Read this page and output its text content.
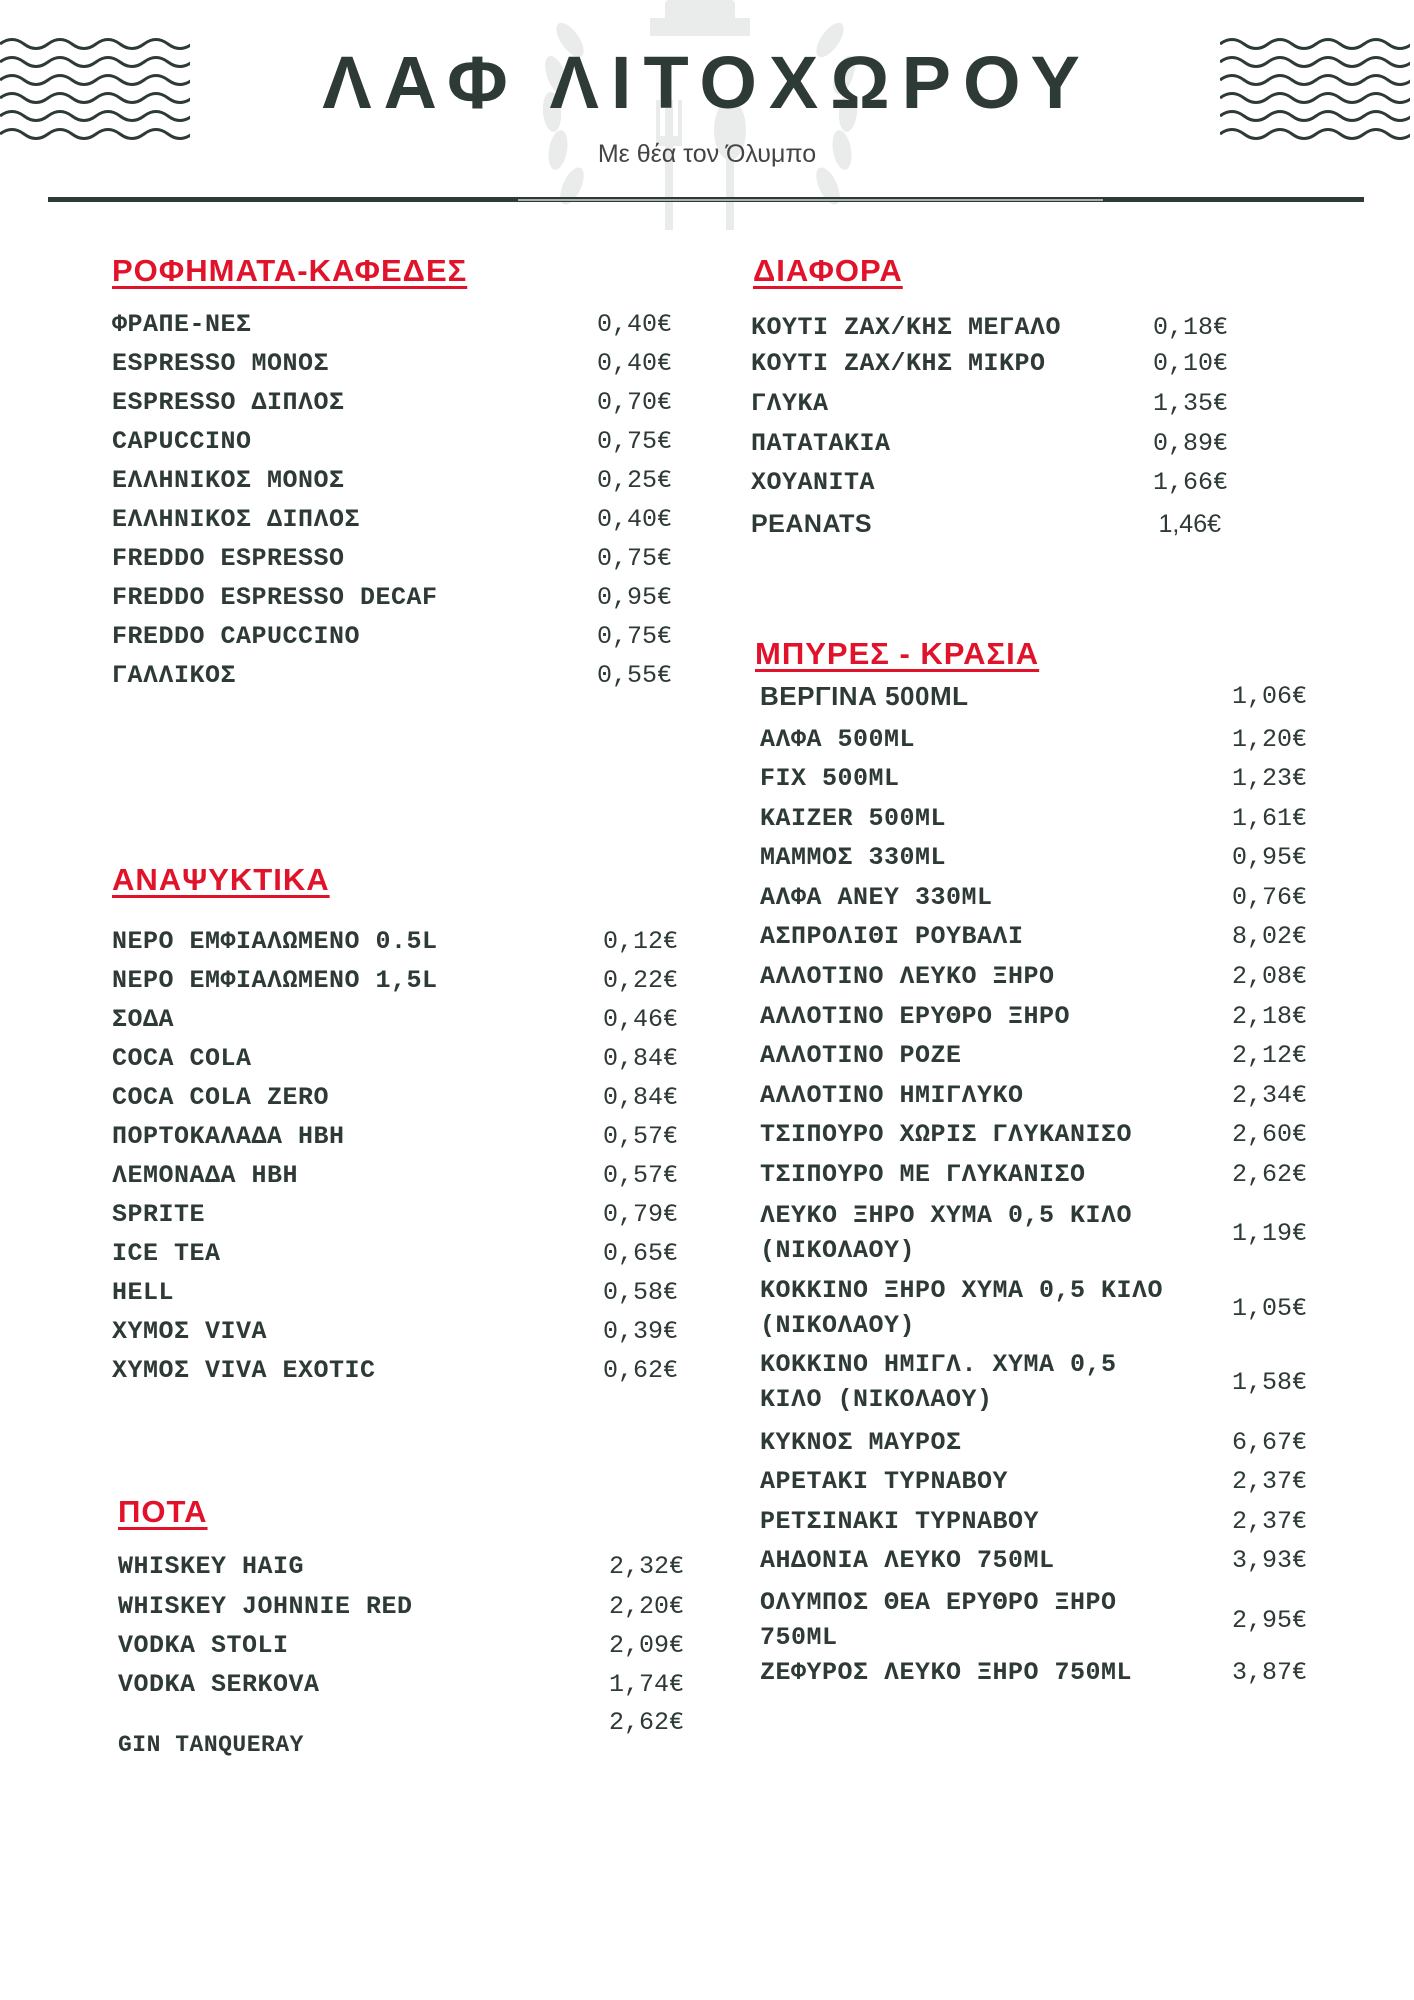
ΛΑΦ ΛΙΤΟΧΩΡΟΥ
Με θέα τον Όλυμπο
ΡΟΦΗΜΑΤΑ-ΚΑΦΕΔΕΣ
ΦΡΑΠΕ-ΝΕΣ	0,40€
ESPRESSO ΜΟΝΟΣ	0,40€
ESPRESSO ΔΙΠΛΟΣ	0,70€
CAPUCCINO	0,75€
ΕΛΛΗΝΙΚΟΣ ΜΟΝΟΣ	0,25€
ΕΛΛΗΝΙΚΟΣ ΔΙΠΛΟΣ	0,40€
FREDDO ESPRESSO	0,75€
FREDDO ESPRESSO DECAF	0,95€
FREDDO CAPUCCINO	0,75€
ΓΑΛΛΙΚΟΣ	0,55€
ΔΙΑΦΟΡΑ
ΚΟΥΤΙ ΖΑΧ/ΚΗΣ ΜΕΓΑΛΟ	0,18€
ΚΟΥΤΙ ΖΑΧ/ΚΗΣ ΜΙΚΡΟ	0,10€
ΓΛΥΚΑ	1,35€
ΠΑΤΑΤΑΚΙΑ	0,89€
ΧΟΥΑΝΙΤΑ	1,66€
PEANATS	1,46€
ΑΝΑΨΥΚΤΙΚΑ
ΝΕΡΟ ΕΜΦΙΑΛΩΜΕΝΟ 0.5L	0,12€
ΝΕΡΟ ΕΜΦΙΑΛΩΜΕΝΟ 1,5L	0,22€
ΣΟΔΑ	0,46€
COCA COLA	0,84€
COCA COLA ZERO	0,84€
ΠΟΡΤΟΚΑΛΑΔΑ ΗΒΗ	0,57€
ΛΕΜΟΝΑΔΑ ΗΒΗ	0,57€
SPRITE	0,79€
ICE TEA	0,65€
HELL	0,58€
ΧΥΜΟΣ VIVA	0,39€
ΧΥΜΟΣ VIVA EXOTIC	0,62€
ΠΟΤΑ
WHISKEY HAIG	2,32€
WHISKEY JOHNNIE RED	2,20€
VODKA STOLI	2,09€
VODKA SERKOVA	1,74€
GIN TANQUERAY
2,62€
ΜΠΥΡΕΣ - ΚΡΑΣΙΑ
ΒΕΡΓΙΝΑ 500ML	1,06€
ΑΛΦΑ 500ML	1,20€
FIX 500ML	1,23€
KAIZER 500ML	1,61€
ΜΑΜΜΟΣ 330ML	0,95€
ΑΛΦΑ ΑΝΕΥ 330ML	0,76€
ΑΣΠΡΟΛΙΘΙ ΡΟΥΒΑΛΙ	8,02€
ΑΛΛΟΤΙΝΟ ΛΕΥΚΟ ΞΗΡΟ	2,08€
ΑΛΛΟΤΙΝΟ ΕΡΥΘΡΟ ΞΗΡΟ	2,18€
ΑΛΛΟΤΙΝΟ ΡΟΖΕ	2,12€
ΑΛΛΟΤΙΝΟ ΗΜΙΓΛΥΚΟ	2,34€
ΤΣΙΠΟΥΡΟ ΧΩΡΙΣ ΓΛΥΚΑΝΙΣΟ	2,60€
ΤΣΙΠΟΥΡΟ ΜΕ ΓΛΥΚΑΝΙΣΟ	2,62€
ΛΕΥΚΟ ΞΗΡΟ ΧΥΜΑ 0,5 ΚΙΛΟ (ΝΙΚΟΛΑΟΥ)
1,19€
ΚΟΚΚΙΝΟ ΞΗΡΟ ΧΥΜΑ 0,5 ΚΙΛΟ (ΝΙΚΟΛΑΟΥ)
1,05€
ΚΟΚΚΙΝΟ ΗΜΙΓΛ. ΧΥΜΑ 0,5 ΚΙΛΟ (ΝΙΚΟΛΑΟΥ)
1,58€
ΚΥΚΝΟΣ ΜΑΥΡΟΣ	6,67€
ΑΡΕΤΑΚΙ ΤΥΡΝΑΒΟΥ	2,37€
ΡΕΤΣΙΝΑΚΙ ΤΥΡΝΑΒΟΥ	2,37€
ΑΗΔΟΝΙΑ ΛΕΥΚΟ 750ML	3,93€
ΟΛΥΜΠΟΣ ΘΕΑ ΕΡΥΘΡΟ ΞΗΡΟ 750ML
2,95€
ΖΕΦΥΡΟΣ ΛΕΥΚΟ ΞΗΡΟ 750ML	3,87€
